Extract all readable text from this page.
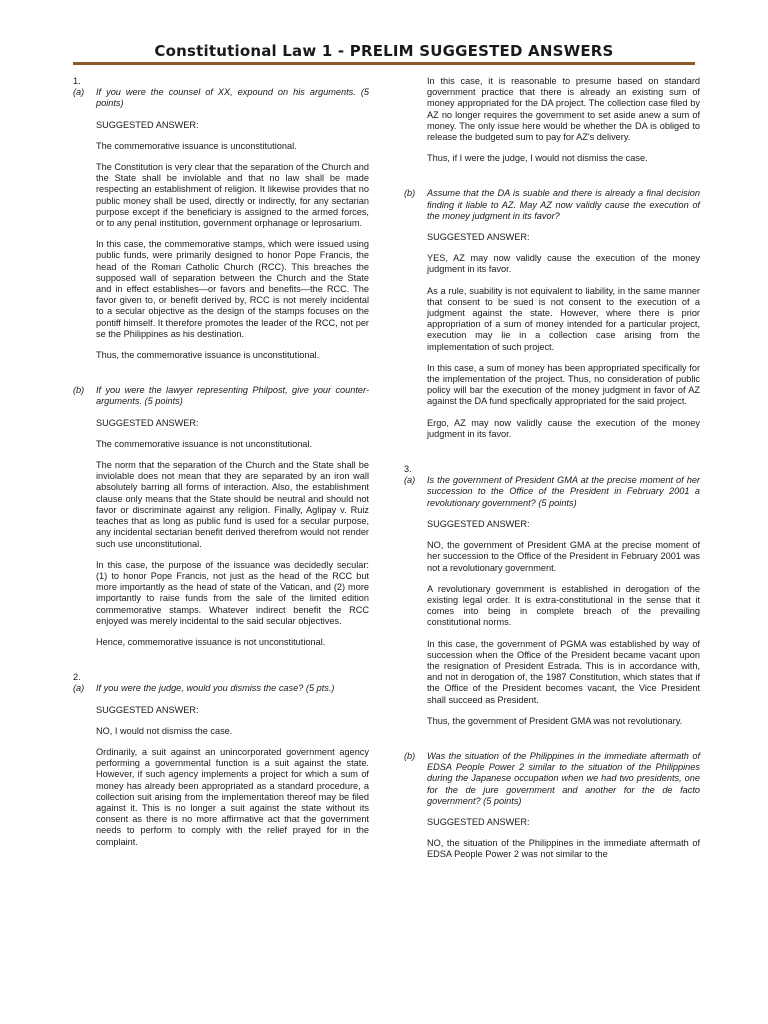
Constitutional Law 1 - PRELIM SUGGESTED ANSWERS
1.
(a)	If you were the counsel of XX, expound on his arguments. (5 points)
SUGGESTED ANSWER:

The commemorative issuance is unconstitutional.

The Constitution is very clear that the separation of the Church and the State shall be inviolable and that no law shall be made respecting an establishment of religion. It likewise provides that no public money shall be used, directly or indirectly, for any sectarian purpose except if the beneficiary is assigned to the armed forces, or to any penal institution, government orphanage or leprosarium.

In this case, the commemorative stamps, which were issued using public funds, were primarily designed to honor Pope Francis, the head of the Roman Catholic Church (RCC). This breaches the supposed wall of separation between the Church and the State and in effect establishes—or favors and benefits—the RCC. The favor given to, or benefit derived by, RCC is not merely incidental to a secular objective as the design of the stamps focuses on the pontiff himself. It therefore promotes the leader of the RCC, not per se the Philippines as his destination.

Thus, the commemorative issuance is unconstitutional.

(b)	If you were the lawyer representing Philpost, give your counter-arguments. (5 points)
SUGGESTED ANSWER:

The commemorative issuance is not unconstitutional.

The norm that the separation of the Church and the State shall be inviolable does not mean that they are separated by an iron wall absolutely barring all forms of interaction. Also, the establishment clause only means that the State should be neutral and should not favor or discriminate against any religion. Finally, Aglipay v. Ruiz teaches that as long as public fund is used for a secular purpose, any incidental sectarian benefit derived therefrom would not render such use unconstitutional.

In this case, the purpose of the issuance was decidedly secular: (1) to honor Pope Francis, not just as the head of the RCC but more importantly as the head of state of the Vatican, and (2) more importantly to raise funds from the sale of the limited edition commemorative stamps. Whatever indirect benefit the RCC enjoyed was merely incidental to the said secular objectives.

Hence, commemorative issuance is not unconstitutional.

2.
(a)	If you were the judge, would you dismiss the case? (5 pts.)
SUGGESTED ANSWER:

NO, I would not dismiss the case.

Ordinarily, a suit against an unincorporated government agency performing a governmental function is a suit against the state. However, if such agency implements a project for which a sum of money has already been appropriated as a standard procedure, a collection suit arising from the implementation thereof may be filed against it. This is no longer a suit against the state without its consent as there is no more affirmative act that the government needs to perform to comply with the relief prayed for in the complaint.

In this case, it is reasonable to presume based on standard government practice that there is already an existing sum of money appropriated for the DA project. The collection case filed by AZ no longer requires the government to set aside anew a sum of money. The only issue here would be whether the DA is obliged to release the budgeted sum to pay for AZ's delivery.

Thus, if I were the judge, I would not dismiss the case.

(b)	Assume that the DA is suable and there is already a final decision finding it liable to AZ. May AZ now validly cause the execution of the money judgment in its favor?
SUGGESTED ANSWER:

YES, AZ may now validly cause the execution of the money judgment in its favor.

As a rule, suability is not equivalent to liability, in the same manner that consent to be sued is not consent to the execution of a judgment against the state. However, where there is prior appropriation of a sum of money intended for a particular project, execution may lie in a collection case arising from the implementation of such project.

In this case, a sum of money has been appropriated specifically for the implementation of the project. Thus, no consideration of public policy will bar the execution of the money judgment in favor of AZ against the DA fund specfically appropriated for the said project.

Ergo, AZ may now validly cause the execution of the money judgment in its favor.

3.
(a)	Is the government of President GMA at the precise moment of her succession to the Office of the President in February 2001 a revolutionary government? (5 points)
SUGGESTED ANSWER:

NO, the government of President GMA at the precise moment of her succession to the Office of the President in February 2001 was not a revolutionary government.

A revolutionary government is established in derogation of the existing legal order. It is extra-constitutional in the sense that it comes into being in complete breach of the prevailing constitutional norms.

In this case, the government of PGMA was established by way of succession when the Office of the President became vacant upon the resignation of President Estrada. This is in accordance with, and not in derogation of, the 1987 Constitution, which states that if the Office of the President becomes vacant, the Vice President shall succeed as President.

Thus, the government of President GMA was not revolutionary.

(b)	Was the situation of the Philippines in the immediate aftermath of EDSA People Power 2 similar to the situation of the Philippines during the Japanese occupation when we had two presidents, one for the de jure government and another for the de facto government? (5 points)
SUGGESTED ANSWER:

NO, the situation of the Philippines in the immediate aftermath of EDSA People Power 2 was not similar to the
